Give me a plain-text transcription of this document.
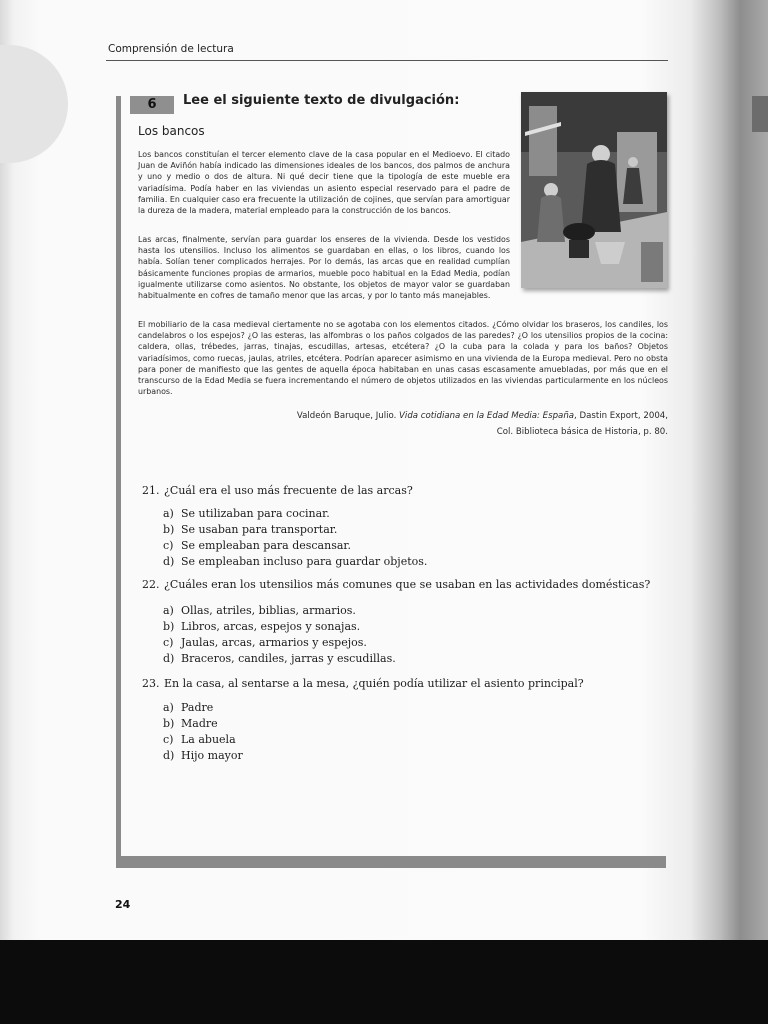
Comprensión de lectura
6	Lee el siguiente texto de divulgación:
Los bancos

Los bancos constituían el tercer elemento clave de la casa popular en el Medioevo. El citado Juan de Aviñón había indicado las dimensiones ideales de los bancos, dos palmos de anchura y uno y medio o dos de altura. Ni qué decir tiene que la tipología de este mueble era variadísima. Podía haber en las viviendas un asiento especial reservado para el padre de familia. En cualquier caso era frecuente la utilización de cojines, que servían para amortiguar la dureza de la madera, material empleado para la construcción de los bancos.

Las arcas, finalmente, servían para guardar los enseres de la vivienda. Desde los vestidos hasta los utensilios. Incluso los alimentos se guardaban en ellas, o los libros, cuando los había. Solían tener complicados herrajes. Por lo demás, las arcas que en realidad cumplían básicamente funciones propias de armarios, mueble poco habitual en la Edad Media, podían igualmente utilizarse como asientos. No obstante, los objetos de mayor valor se guardaban habitualmente en cofres de tamaño menor que las arcas, y por lo tanto más manejables.

El mobiliario de la casa medieval ciertamente no se agotaba con los elementos citados. ¿Cómo olvidar los braseros, los candiles, los candelabros o los espejos? ¿O las esteras, las alfombras o los paños colgados de las paredes? ¿O los utensilios propios de la cocina: caldera, ollas, trébedes, jarras, tinajas, escudillas, artesas, etcétera? ¿O la cuba para la colada y para los baños? Objetos variadísimos, como ruecas, jaulas, atriles, etcétera. Podrían aparecer asimismo en una vivienda de la Europa medieval. Pero no obsta para poner de manifiesto que las gentes de aquella época habitaban en unas casas escasamente amuebladas, por más que en el transcurso de la Edad Media se fuera incrementando el número de objetos utilizados en las viviendas particularmente en los núcleos urbanos.

Valdeón Baruque, Julio. Vida cotidiana en la Edad Media: España, Dastin Export, 2004,
Col. Biblioteca básica de Historia, p. 80.
21. ¿Cuál era el uso más frecuente de las arcas?
a) Se utilizaban para cocinar.
b) Se usaban para transportar.
c) Se empleaban para descansar.
d) Se empleaban incluso para guardar objetos.
22. ¿Cuáles eran los utensilios más comunes que se usaban en las actividades domésticas?
a) Ollas, atriles, biblias, armarios.
b) Libros, arcas, espejos y sonajas.
c) Jaulas, arcas, armarios y espejos.
d) Braceros, candiles, jarras y escudillas.
23. En la casa, al sentarse a la mesa, ¿quién podía utilizar el asiento principal?
a) Padre
b) Madre
c) La abuela
d) Hijo mayor
24
